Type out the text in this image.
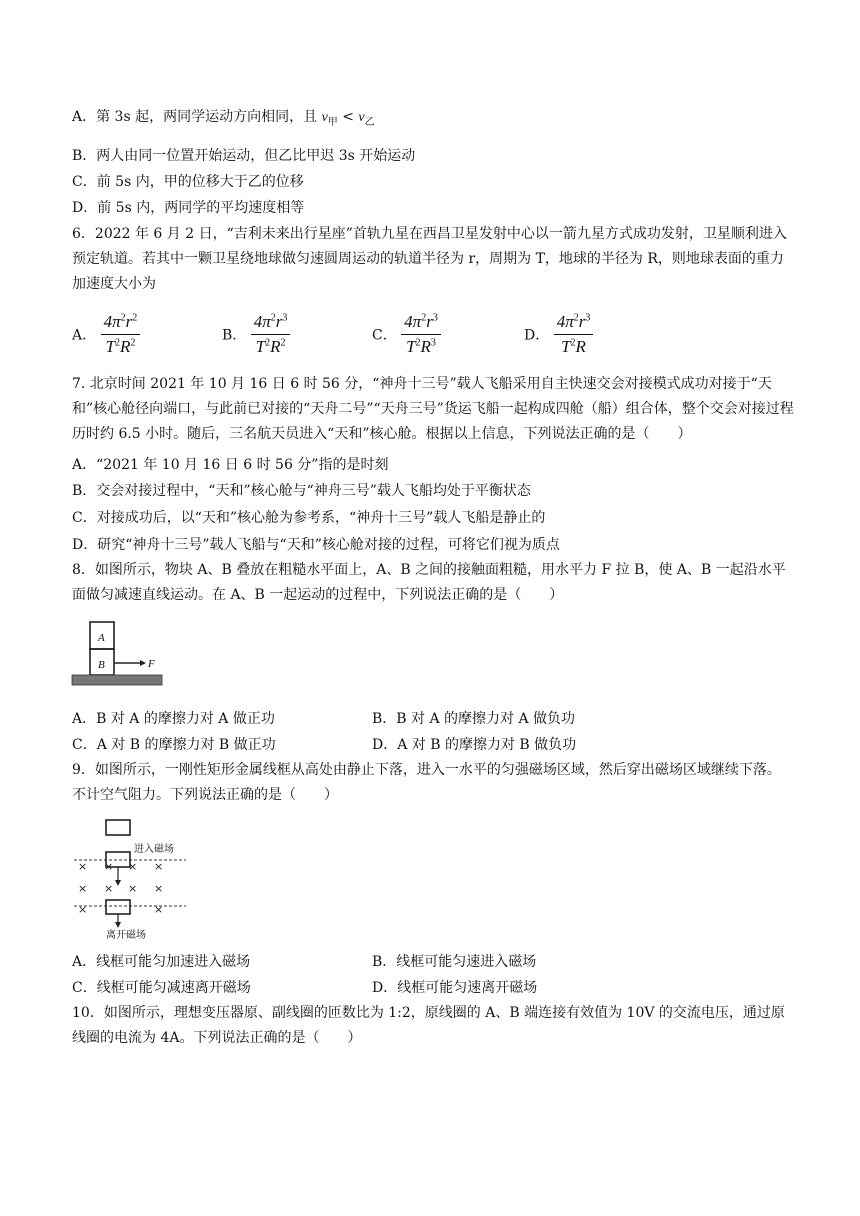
A．第 3s 起，两同学运动方向相同，且 $v_甲 < v_乙$
B．两人由同一位置开始运动，但乙比甲迟 3s 开始运动
C．前 5s 内，甲的位移大于乙的位移
D．前 5s 内，两同学的平均速度相等
6．2022 年 6 月 2 日，“吉利未来出行星座”首轨九星在西昌卫星发射中心以一箭九星方式成功发射，卫星顺利进入预定轨道。若其中一颗卫星绕地球做匀速圆周运动的轨道半径为 r，周期为 T，地球的半径为 R，则地球表面的重力加速度大小为
A． $\frac{4\pi^2r^2}{T^2R^2}$	B． $\frac{4\pi^2r^3}{T^2R^2}$	C． $\frac{4\pi^2r^3}{T^2R^3}$	D． $\frac{4\pi^2r^3}{T^2R}$
7. 北京时间 2021 年 10 月 16 日 6 时 56 分，“神舟十三号”载人飞船采用自主快速交会对接模式成功对接于“天和”核心舱径向端口，与此前已对接的“天舟二号”“天舟三号”货运飞船一起构成四舱（船）组合体，整个交会对接过程历时约 6.5 小时。随后，三名航天员进入“天和”核心舱。根据以上信息，下列说法正确的是（　　）
A．“2021 年 10 月 16 日 6 时 56 分”指的是时刻
B．交会对接过程中，“天和”核心舱与“神舟三号”载人飞船均处于平衡状态
C．对接成功后，以“天和”核心舱为参考系，“神舟十三号”载人飞船是静止的
D．研究“神舟十三号”载人飞船与“天和”核心舱对接的过程，可将它们视为质点
8．如图所示，物块 A、B 叠放在粗糙水平面上，A、B 之间的接触面粗糙，用水平力 F 拉 B，使 A、B 一起沿水平面做匀减速直线运动。在 A、B 一起运动的过程中，下列说法正确的是（　　）
A
B	F
A．B 对 A 的摩擦力对 A 做正功	B．B 对 A 的摩擦力对 A 做负功
C．A 对 B 的摩擦力对 B 做正功	D．A 对 B 的摩擦力对 B 做负功
9．如图所示，一刚性矩形金属线框从高处由静止下落，进入一水平的匀强磁场区域，然后穿出磁场区域继续下落。不计空气阻力。下列说法正确的是（　　）
进入磁场
× × × ×
× × × ×
×	×
离开磁场
A．线框可能匀加速进入磁场	B．线框可能匀速进入磁场
C．线框可能匀减速离开磁场	D．线框可能匀速离开磁场
10．如图所示，理想变压器原、副线圈的匝数比为 1:2，原线圈的 A、B 端连接有效值为 10V 的交流电压，通过原线圈的电流为 4A。下列说法正确的是（　　）
